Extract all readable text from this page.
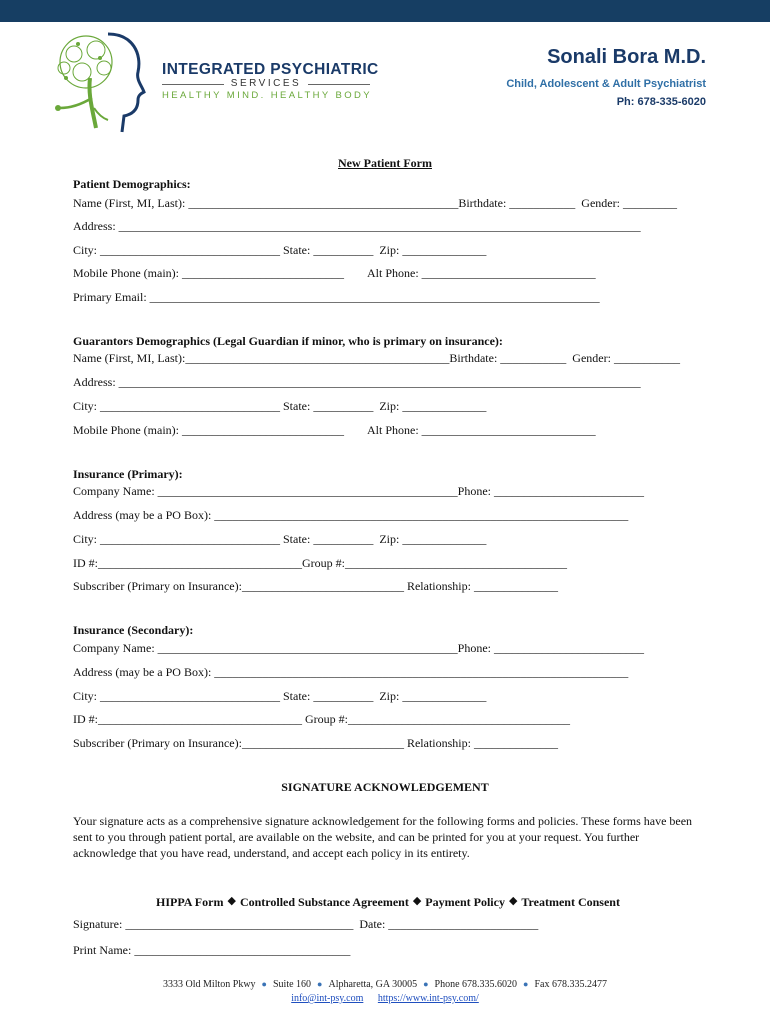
INTEGRATED PSYCHIATRIC
SERVICES
HEALTHY MIND. HEALTHY BODY
Sonali Bora M.D.
Child, Adolescent & Adult Psychiatrist
Ph: 678-335-6020
New Patient Form
Patient Demographics:
Name (First, MI, Last): _____________________________________________Birthdate: ___________  Gender: _________
Address: _______________________________________________________________________________________
City: ______________________________ State: __________  Zip: ______________
Mobile Phone (main): ___________________________ Alt Phone: _____________________________
Primary Email: ___________________________________________________________________________
Guarantors Demographics (Legal Guardian if minor, who is primary on insurance):
Name (First, MI, Last):____________________________________________Birthdate: ___________  Gender: ___________
Address: _______________________________________________________________________________________
City: ______________________________ State: __________  Zip: ______________
Mobile Phone (main): ___________________________ Alt Phone: _____________________________
Insurance (Primary):
Company Name: __________________________________________________Phone: _________________________
Address (may be a PO Box): _____________________________________________________________________
City: ______________________________ State: __________  Zip: ______________
ID #:__________________________________Group #:_____________________________________
Subscriber (Primary on Insurance):___________________________ Relationship: ______________
Insurance (Secondary):
Company Name: __________________________________________________Phone: _________________________
Address (may be a PO Box): _____________________________________________________________________
City: ______________________________ State: __________  Zip: ______________
ID #:__________________________________ Group #:_____________________________________
Subscriber (Primary on Insurance):___________________________ Relationship: ______________
SIGNATURE ACKNOWLEDGEMENT
Your signature acts as a comprehensive signature acknowledgement for the following forms and policies. These forms have been sent to you through patient portal, are available on the website, and can be printed for you at your request. You further acknowledge that you have read, understand, and accept each policy in its entirety.

HIPPA Form ◆ Controlled Substance Agreement ◆ Payment Policy ◆ Treatment Consent

Signature: ______________________________________  Date: _________________________
Print Name: ____________________________________
3333 Old Milton Pkwy ● Suite 160 ● Alpharetta, GA 30005 ● Phone 678.335.6020 ● Fax 678.335.2477
info@int-psy.com https://www.int-psy.com/
